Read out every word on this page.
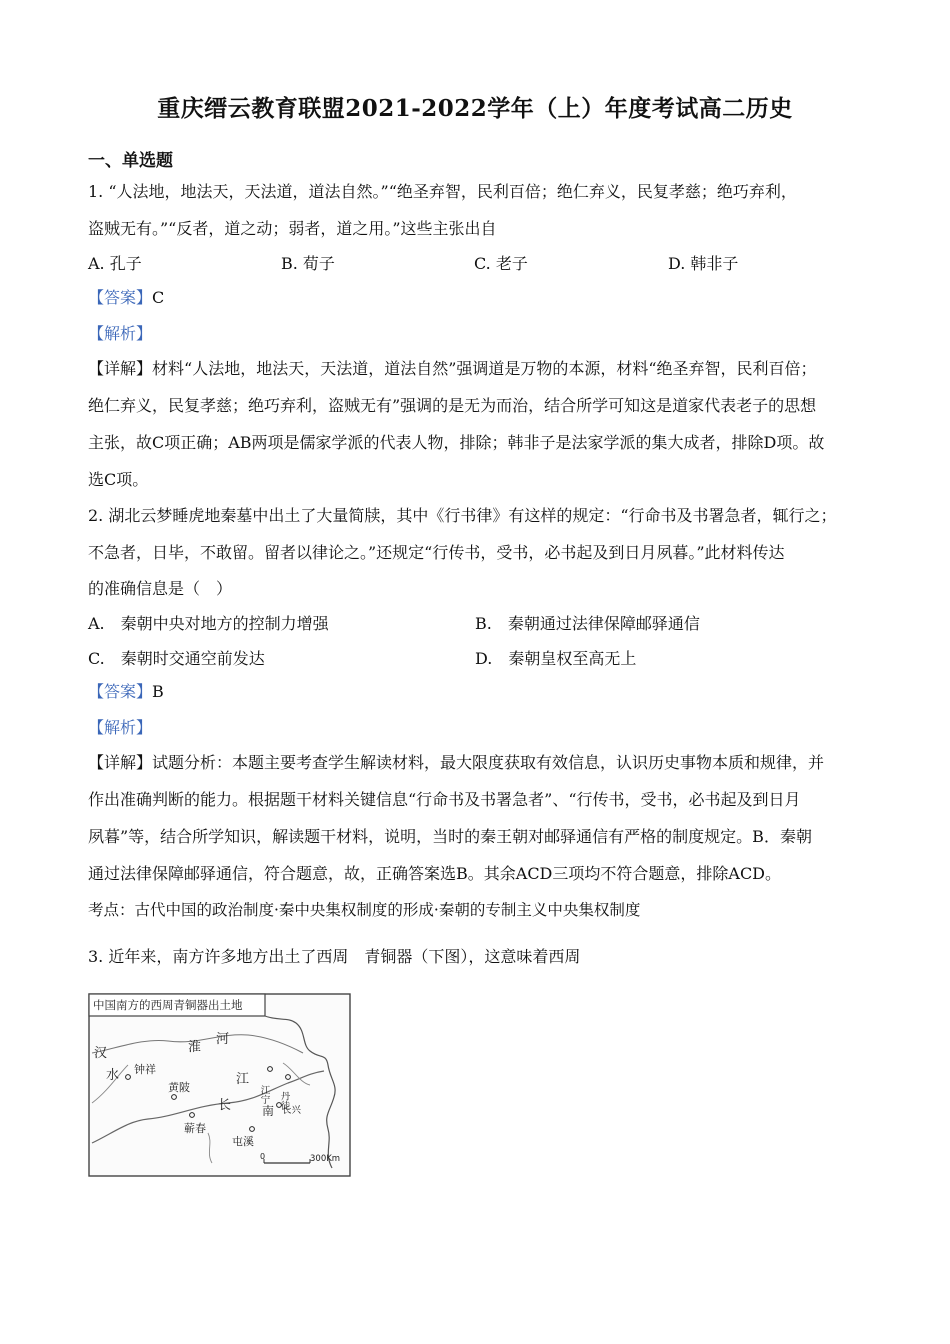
重庆缙云教育联盟2021-2022学年（上）年度考试高二历史
一、单选题
1. “人法地，地法天，天法道，道法自然。”“绝圣弃智，民利百倍；绝仁弃义，民复孝慈；绝巧弃利，
盗贼无有。”“反者，道之动；弱者，道之用。”这些主张出自
A. 孔子	B. 荀子	C. 老子	D. 韩非子
【答案】C
【解析】
【详解】材料“人法地，地法天，天法道，道法自然”强调道是万物的本源，材料“绝圣弃智，民利百倍；
绝仁弃义，民复孝慈；绝巧弃利，盗贼无有”强调的是无为而治，结合所学可知这是道家代表老子的思想
主张，故C项正确；AB两项是儒家学派的代表人物，排除；韩非子是法家学派的集大成者，排除D项。故
选C项。
2. 湖北云梦睡虎地秦墓中出土了大量简牍，其中《行书律》有这样的规定：“行命书及书署急者，辄行之；
不急者，日毕，不敢留。留者以律论之。”还规定“行传书，受书，必书起及到日月夙暮。”此材料传达
的准确信息是（　）
A.　秦朝中央对地方的控制力增强	B.　秦朝通过法律保障邮驿通信
C.　秦朝时交通空前发达	D.　秦朝皇权至高无上
【答案】B
【解析】
【详解】试题分析：本题主要考查学生解读材料，最大限度获取有效信息，认识历史事物本质和规律，并
作出准确判断的能力。根据题干材料关键信息“行命书及书署急者”、“行传书，受书，必书起及到日月
夙暮”等，结合所学知识，解读题干材料，说明，当时的秦王朝对邮驿通信有严格的制度规定。B．秦朝
通过法律保障邮驿通信，符合题意，故，正确答案选B。其余ACD三项均不符合题意，排除ACD。
考点：古代中国的政治制度·秦中央集权制度的形成·秦朝的专制主义中央集权制度
3. 近年来，南方许多地方出土了西周　青铜器（下图），这意味着西周
中国南方的西周青铜器出土地
汉
水 钟祥
淮
河
黄陂
江
蕲春
长
江宁 丹徒
长兴
南
屯溪
0	300Km
